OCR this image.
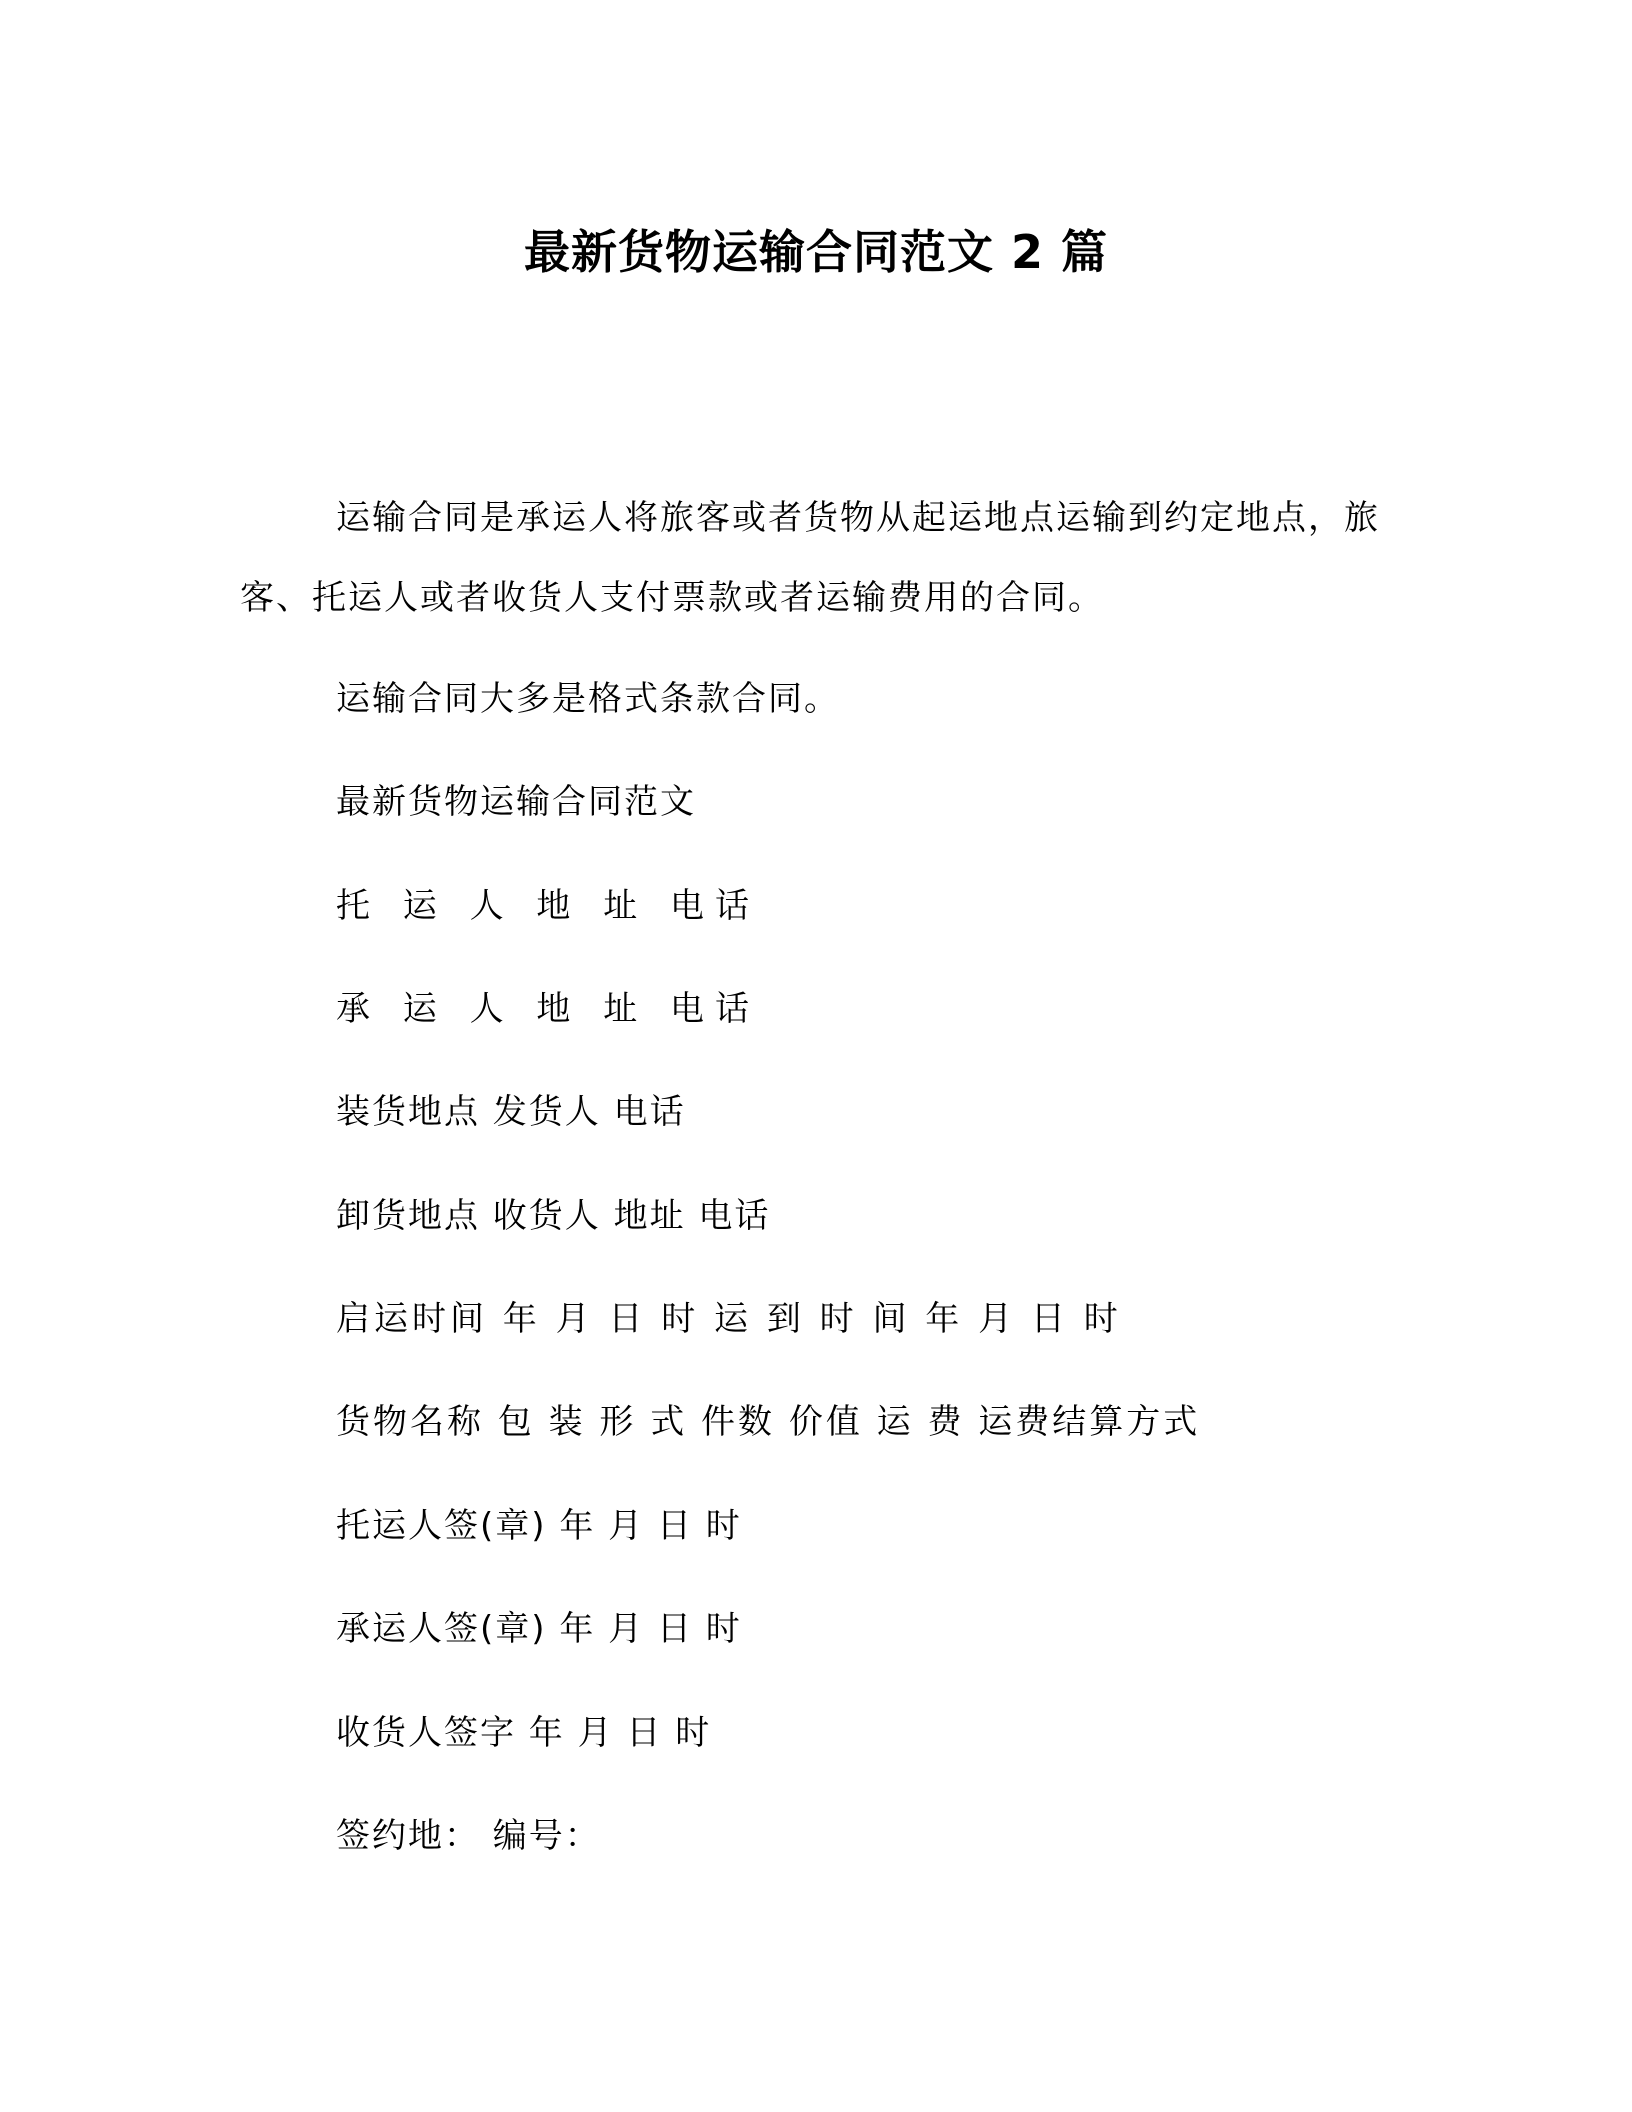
最新货物运输合同范文 2 篇

运输合同是承运人将旅客或者货物从起运地点运输到约定地点，旅客、托运人或者收货人支付票款或者运输费用的合同。

运输合同大多是格式条款合同。

最新货物运输合同范文

托 运 人 地 址 电话

承 运 人 地 址 电话

装货地点 发货人 电话

卸货地点 收货人 地址 电话

启运时间 年 月 日 时 运 到 时 间 年 月 日 时

货物名称 包 装 形 式 件数 价值 运 费 运费结算方式

托运人签(章) 年 月 日 时

承运人签(章) 年 月 日 时

收货人签字 年 月 日 时

签约地： 编号：
